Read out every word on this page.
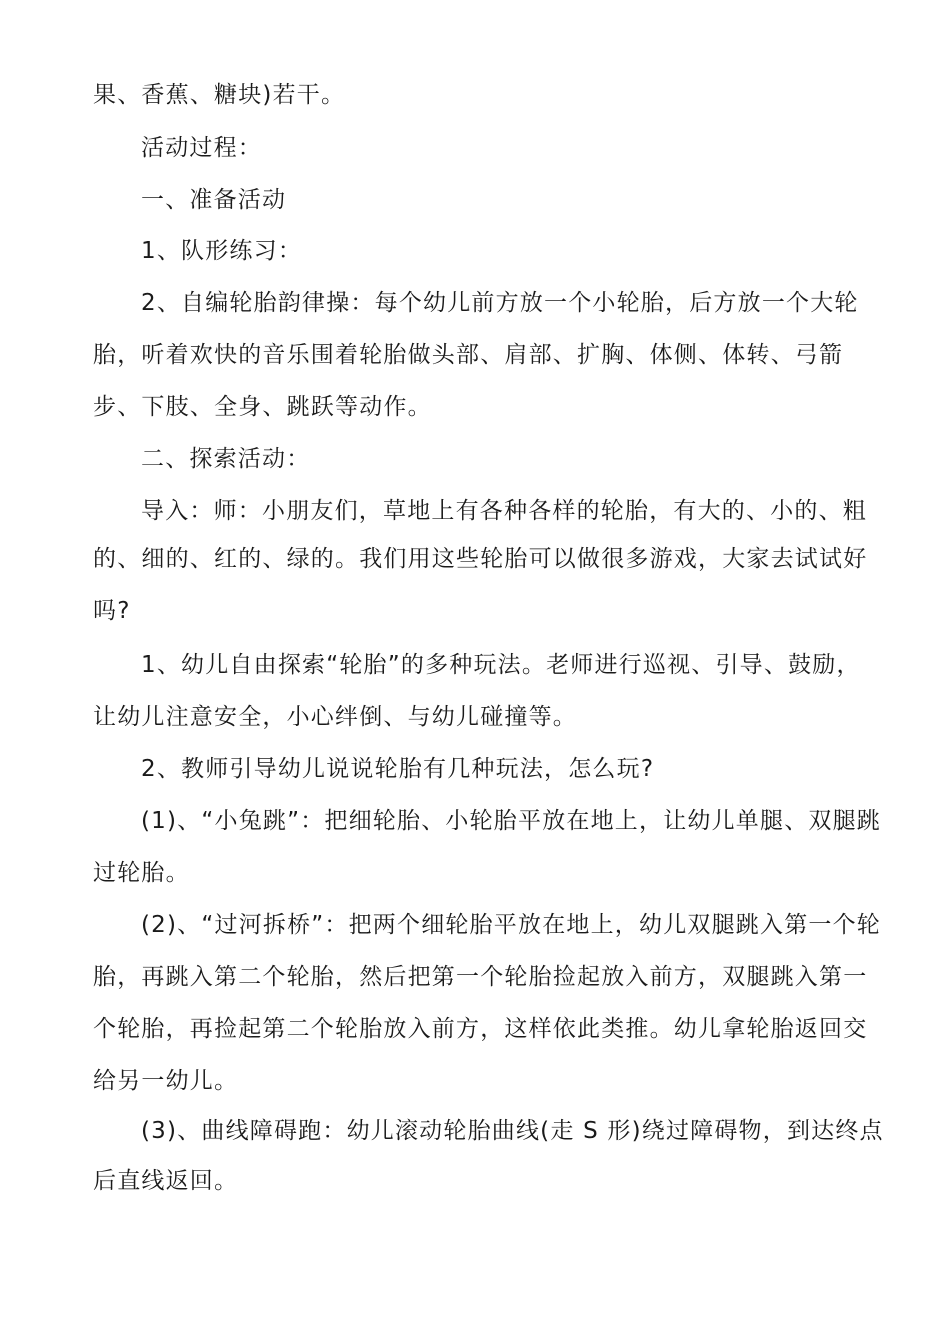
果、香蕉、糖块)若干。
活动过程：
一、准备活动
1、队形练习：
2、自编轮胎韵律操：每个幼儿前方放一个小轮胎，后方放一个大轮
胎，听着欢快的音乐围着轮胎做头部、肩部、扩胸、体侧、体转、弓箭
步、下肢、全身、跳跃等动作。
二、探索活动：
导入：师：小朋友们，草地上有各种各样的轮胎，有大的、小的、粗
的、细的、红的、绿的。我们用这些轮胎可以做很多游戏，大家去试试好
吗?
1、幼儿自由探索“轮胎”的多种玩法。老师进行巡视、引导、鼓励，
让幼儿注意安全，小心绊倒、与幼儿碰撞等。
2、教师引导幼儿说说轮胎有几种玩法，怎么玩?
(1)、“小兔跳”：把细轮胎、小轮胎平放在地上，让幼儿单腿、双腿跳
过轮胎。
(2)、“过河拆桥”：把两个细轮胎平放在地上，幼儿双腿跳入第一个轮
胎，再跳入第二个轮胎，然后把第一个轮胎捡起放入前方，双腿跳入第一
个轮胎，再捡起第二个轮胎放入前方，这样依此类推。幼儿拿轮胎返回交
给另一幼儿。
(3)、曲线障碍跑：幼儿滚动轮胎曲线(走 S 形)绕过障碍物，到达终点
后直线返回。
